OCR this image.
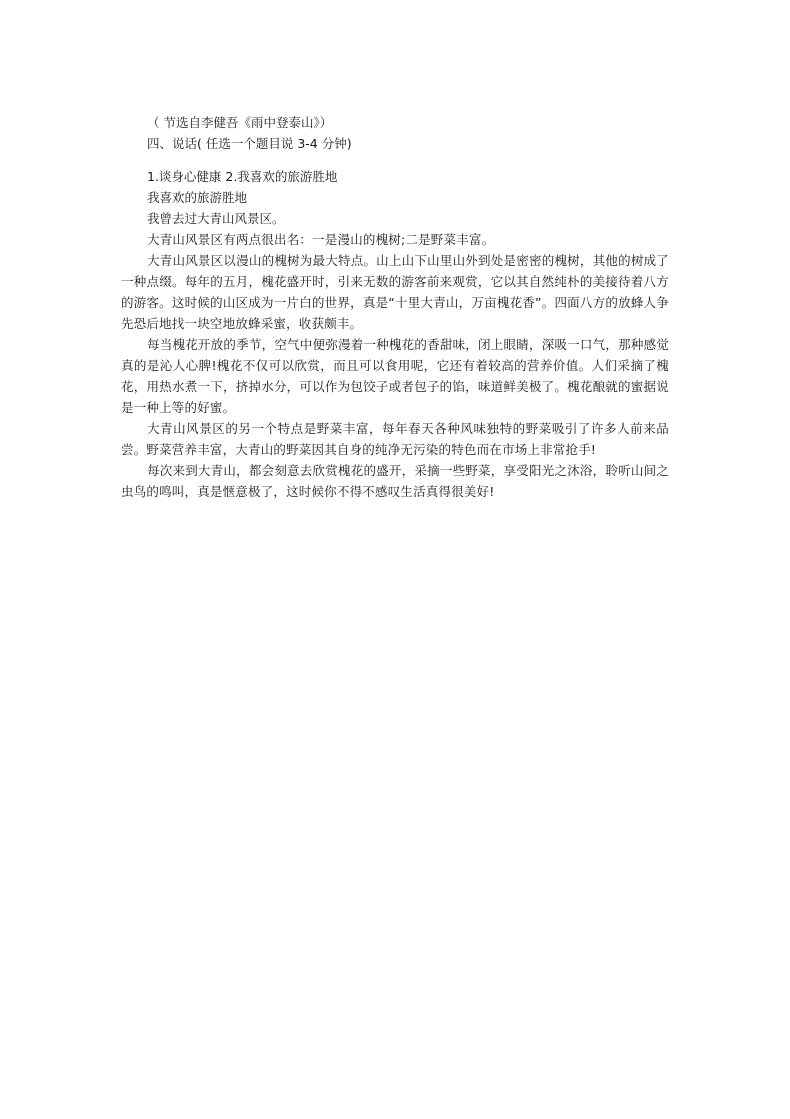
（ 节选自李健吾《雨中登泰山》）

四、说话( 任选一个题目说 3-4 分钟)

1.谈身心健康 2.我喜欢的旅游胜地

我喜欢的旅游胜地

我曾去过大青山风景区。

大青山风景区有两点很出名：一是漫山的槐树;二是野菜丰富。

大青山风景区以漫山的槐树为最大特点。山上山下山里山外到处是密密的槐树，其他的树成了一种点缀。每年的五月，槐花盛开时，引来无数的游客前来观赏，它以其自然纯朴的美接待着八方的游客。这时候的山区成为一片白的世界，真是“十里大青山，万亩槐花香”。四面八方的放蜂人争先恐后地找一块空地放蜂采蜜，收获颇丰。

每当槐花开放的季节，空气中便弥漫着一种槐花的香甜味，闭上眼睛，深吸一口气，那种感觉真的是沁人心脾!槐花不仅可以欣赏，而且可以食用呢，它还有着较高的营养价值。人们采摘了槐花，用热水煮一下，挤掉水分，可以作为包饺子或者包子的馅，味道鲜美极了。槐花酿就的蜜据说是一种上等的好蜜。

大青山风景区的另一个特点是野菜丰富，每年春天各种风味独特的野菜吸引了许多人前来品尝。野菜营养丰富，大青山的野菜因其自身的纯净无污染的特色而在市场上非常抢手!

每次来到大青山，都会刻意去欣赏槐花的盛开，采摘一些野菜，享受阳光之沐浴，聆听山间之虫鸟的鸣叫，真是惬意极了，这时候你不得不感叹生活真得很美好!
